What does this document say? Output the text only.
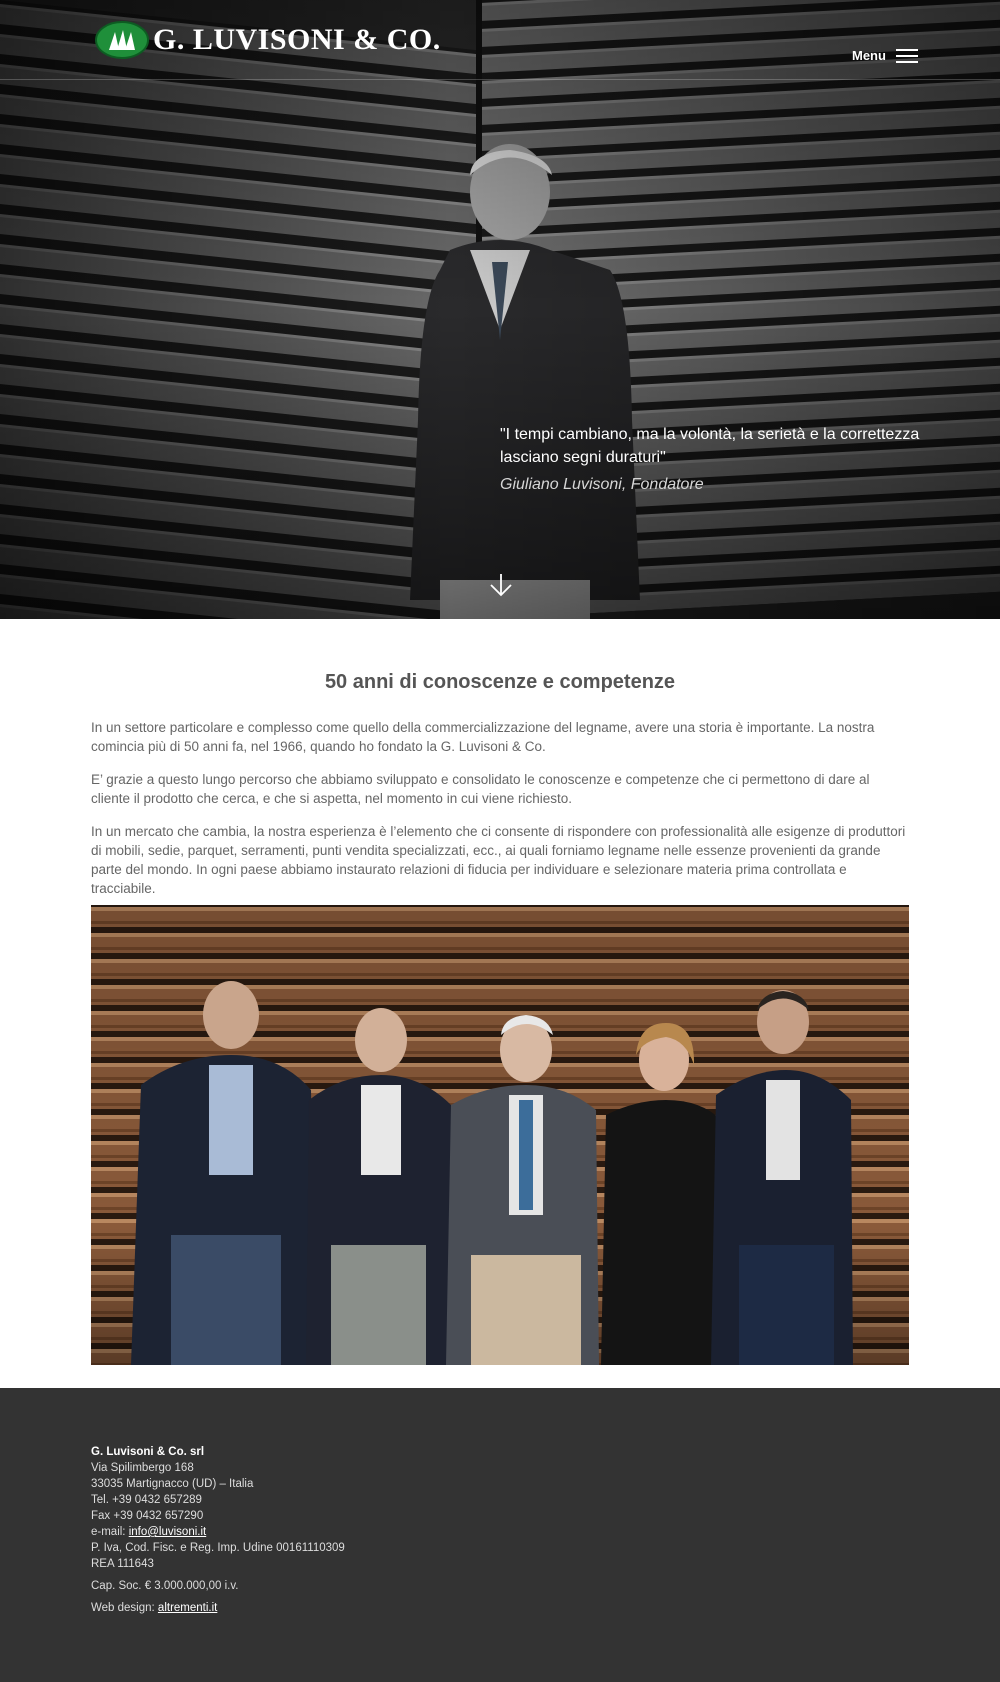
G. LUVISONI & CO.	Menu
"I tempi cambiano, ma la volontà, la serietà e la correttezza lasciano segni duraturi"
Giuliano Luvisoni, Fondatore
50 anni di conoscenze e competenze

In un settore particolare e complesso come quello della commercializzazione del legname, avere una storia è importante. La nostra comincia più di 50 anni fa, nel 1966, quando ho fondato la G. Luvisoni & Co.

E’ grazie a questo lungo percorso che abbiamo sviluppato e consolidato le conoscenze e competenze che ci permettono di dare al cliente il prodotto che cerca, e che si aspetta, nel momento in cui viene richiesto.

In un mercato che cambia, la nostra esperienza è l’elemento che ci consente di rispondere con professionalità alle esigenze di produttori di mobili, sedie, parquet, serramenti, punti vendita specializzati, ecc., ai quali forniamo legname nelle essenze provenienti da grande parte del mondo. In ogni paese abbiamo instaurato relazioni di fiducia per individuare e selezionare materia prima controllata e tracciabile.

G. Luvisoni & Co. srl
Via Spilimbergo 168
33035 Martignacco (UD) – Italia
Tel. +39 0432 657289
Fax +39 0432 657290
e-mail: info@luvisoni.it
P. Iva, Cod. Fisc. e Reg. Imp. Udine 00161110309
REA 111643
Cap. Soc. € 3.000.000,00 i.v.
Web design: altrementi.it
